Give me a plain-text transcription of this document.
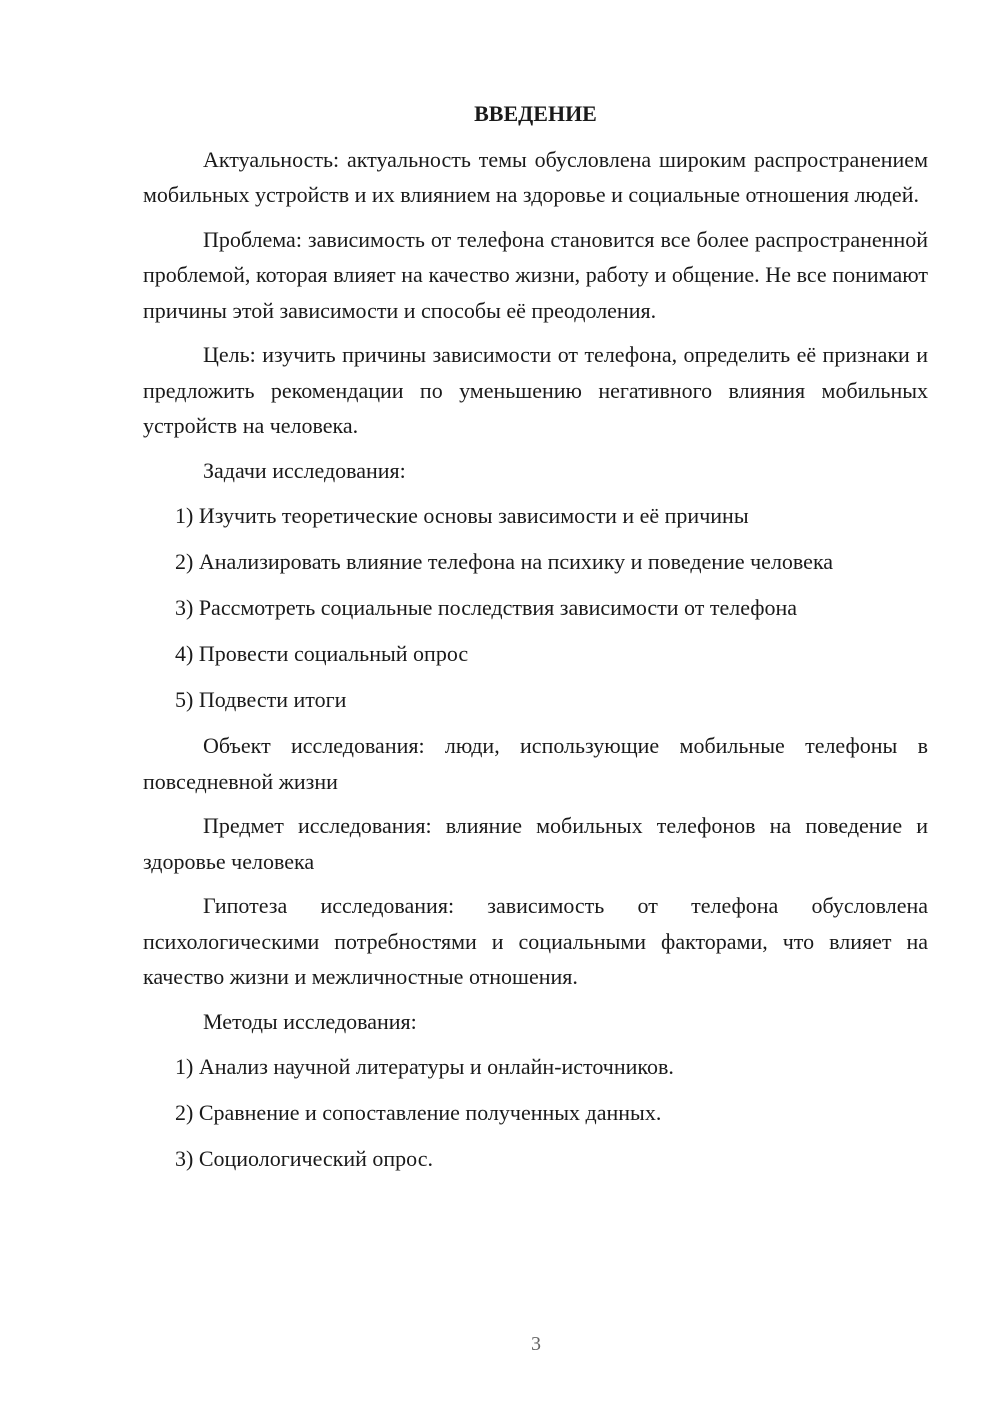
ВВЕДЕНИЕ

Актуальность: актуальность темы обусловлена широким распространением мобильных устройств и их влиянием на здоровье и социальные отношения людей.

Проблема: зависимость от телефона становится все более распространенной проблемой, которая влияет на качество жизни, работу и общение. Не все понимают причины этой зависимости и способы её преодоления.

Цель: изучить причины зависимости от телефона, определить её признаки и предложить рекомендации по уменьшению негативного влияния мобильных устройств на человека.

Задачи исследования:

1) Изучить теоретические основы зависимости и её причины
2) Анализировать влияние телефона на психику и поведение человека
3) Рассмотреть социальные последствия зависимости от телефона
4) Провести социальный опрос
5) Подвести итоги

Объект исследования: люди, использующие мобильные телефоны в повседневной жизни

Предмет исследования: влияние мобильных телефонов на поведение и здоровье человека

Гипотеза исследования: зависимость от телефона обусловлена психологическими потребностями и социальными факторами, что влияет на качество жизни и межличностные отношения.

Методы исследования:

1) Анализ научной литературы и онлайн-источников.
2) Сравнение и сопоставление полученных данных.
3) Социологический опрос.
3
